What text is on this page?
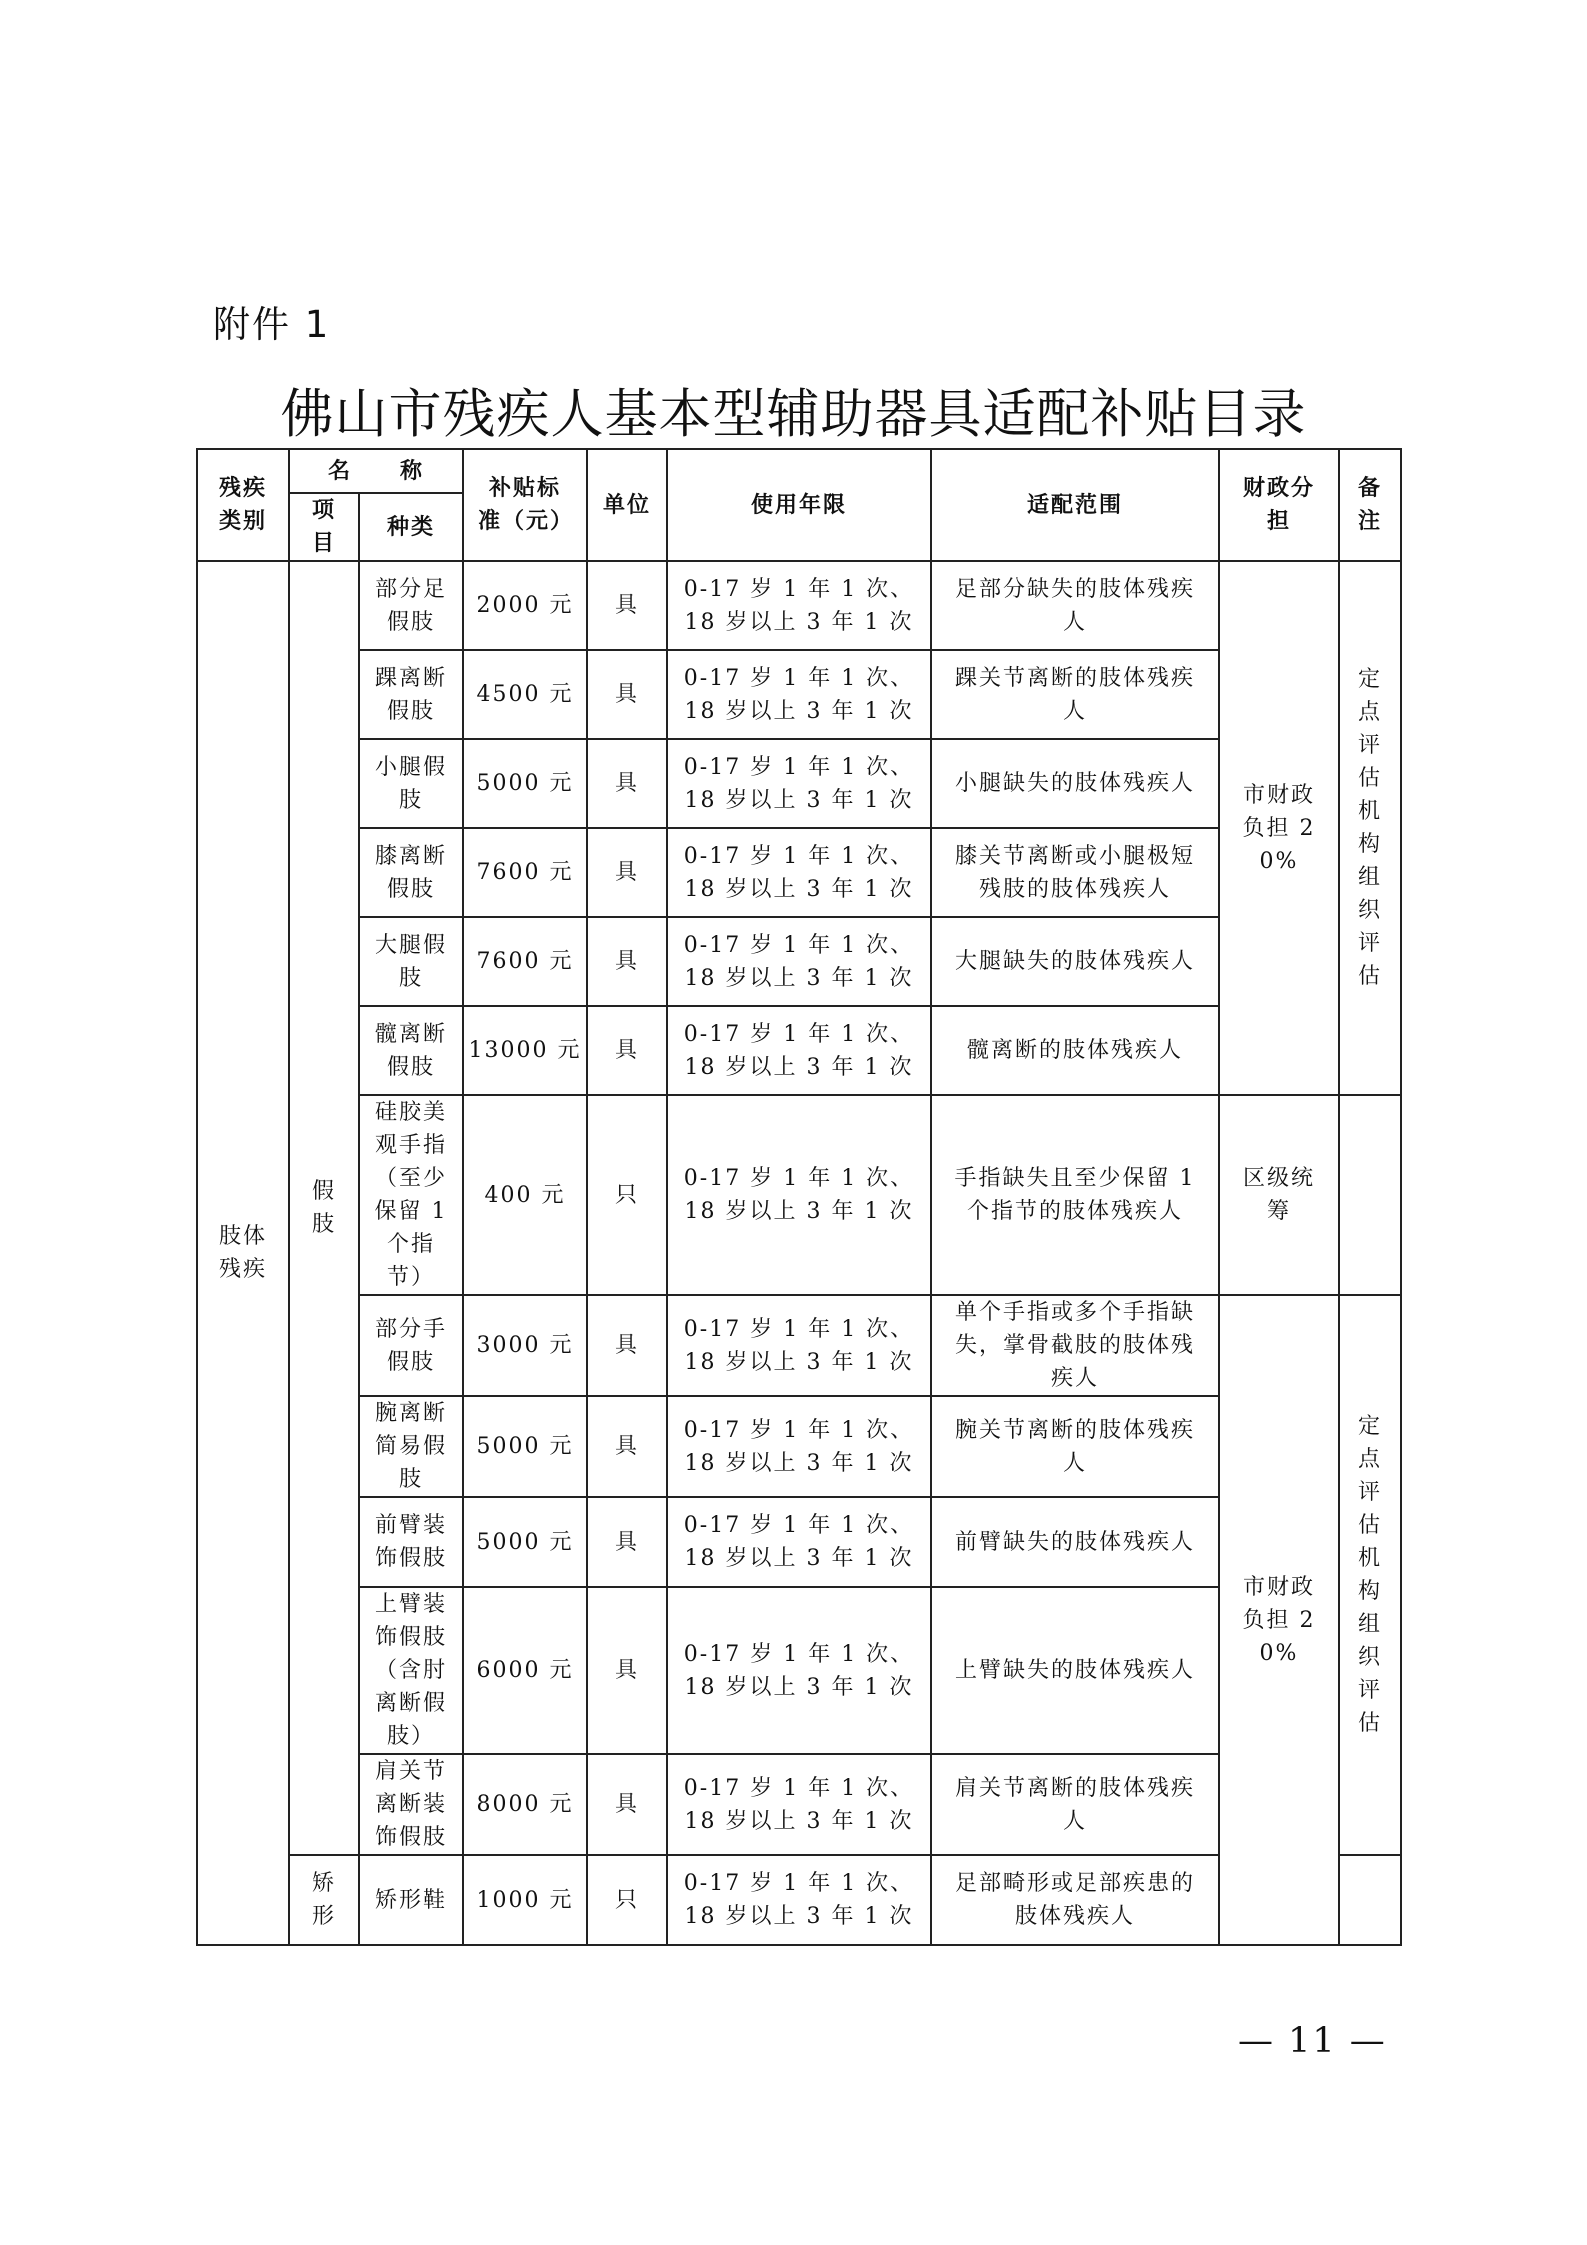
附件 1
佛山市残疾人基本型辅助器具适配补贴目录
残疾类别	名　　称		补贴标准（元）	单位	使用年限	适配范围	财政分担	备注
	项目	种类						
肢体残疾	假肢	部分足假肢	2000 元	具	0-17 岁 1 年 1 次、18 岁以上 3 年 1 次	足部分缺失的肢体残疾人	市财政负担 20%	定点评估机构组织评估
		踝离断假肢	4500 元	具	0-17 岁 1 年 1 次、18 岁以上 3 年 1 次	踝关节离断的肢体残疾人		
		小腿假肢	5000 元	具	0-17 岁 1 年 1 次、18 岁以上 3 年 1 次	小腿缺失的肢体残疾人		
		膝离断假肢	7600 元	具	0-17 岁 1 年 1 次、18 岁以上 3 年 1 次	膝关节离断或小腿极短残肢的肢体残疾人		
		大腿假肢	7600 元	具	0-17 岁 1 年 1 次、18 岁以上 3 年 1 次	大腿缺失的肢体残疾人		
		髋离断假肢	13000 元	具	0-17 岁 1 年 1 次、18 岁以上 3 年 1 次	髋离断的肢体残疾人		
		硅胶美观手指（至少保留 1 个指节）	400 元	只	0-17 岁 1 年 1 次、18 岁以上 3 年 1 次	手指缺失且至少保留 1 个指节的肢体残疾人	区级统筹	
		部分手假肢	3000 元	具	0-17 岁 1 年 1 次、18 岁以上 3 年 1 次	单个手指或多个手指缺失，掌骨截肢的肢体残疾人	市财政负担 20%	定点评估机构组织评估
		腕离断简易假肢	5000 元	具	0-17 岁 1 年 1 次、18 岁以上 3 年 1 次	腕关节离断的肢体残疾人		
		前臂装饰假肢	5000 元	具	0-17 岁 1 年 1 次、18 岁以上 3 年 1 次	前臂缺失的肢体残疾人		
		上臂装饰假肢（含肘离断假肢）	6000 元	具	0-17 岁 1 年 1 次、18 岁以上 3 年 1 次	上臂缺失的肢体残疾人		
		肩关节离断装饰假肢	8000 元	具	0-17 岁 1 年 1 次、18 岁以上 3 年 1 次	肩关节离断的肢体残疾人		
	矫形	矫形鞋	1000 元	只	0-17 岁 1 年 1 次、18 岁以上 3 年 1 次	足部畸形或足部疾患的肢体残疾人		
— 11 —
